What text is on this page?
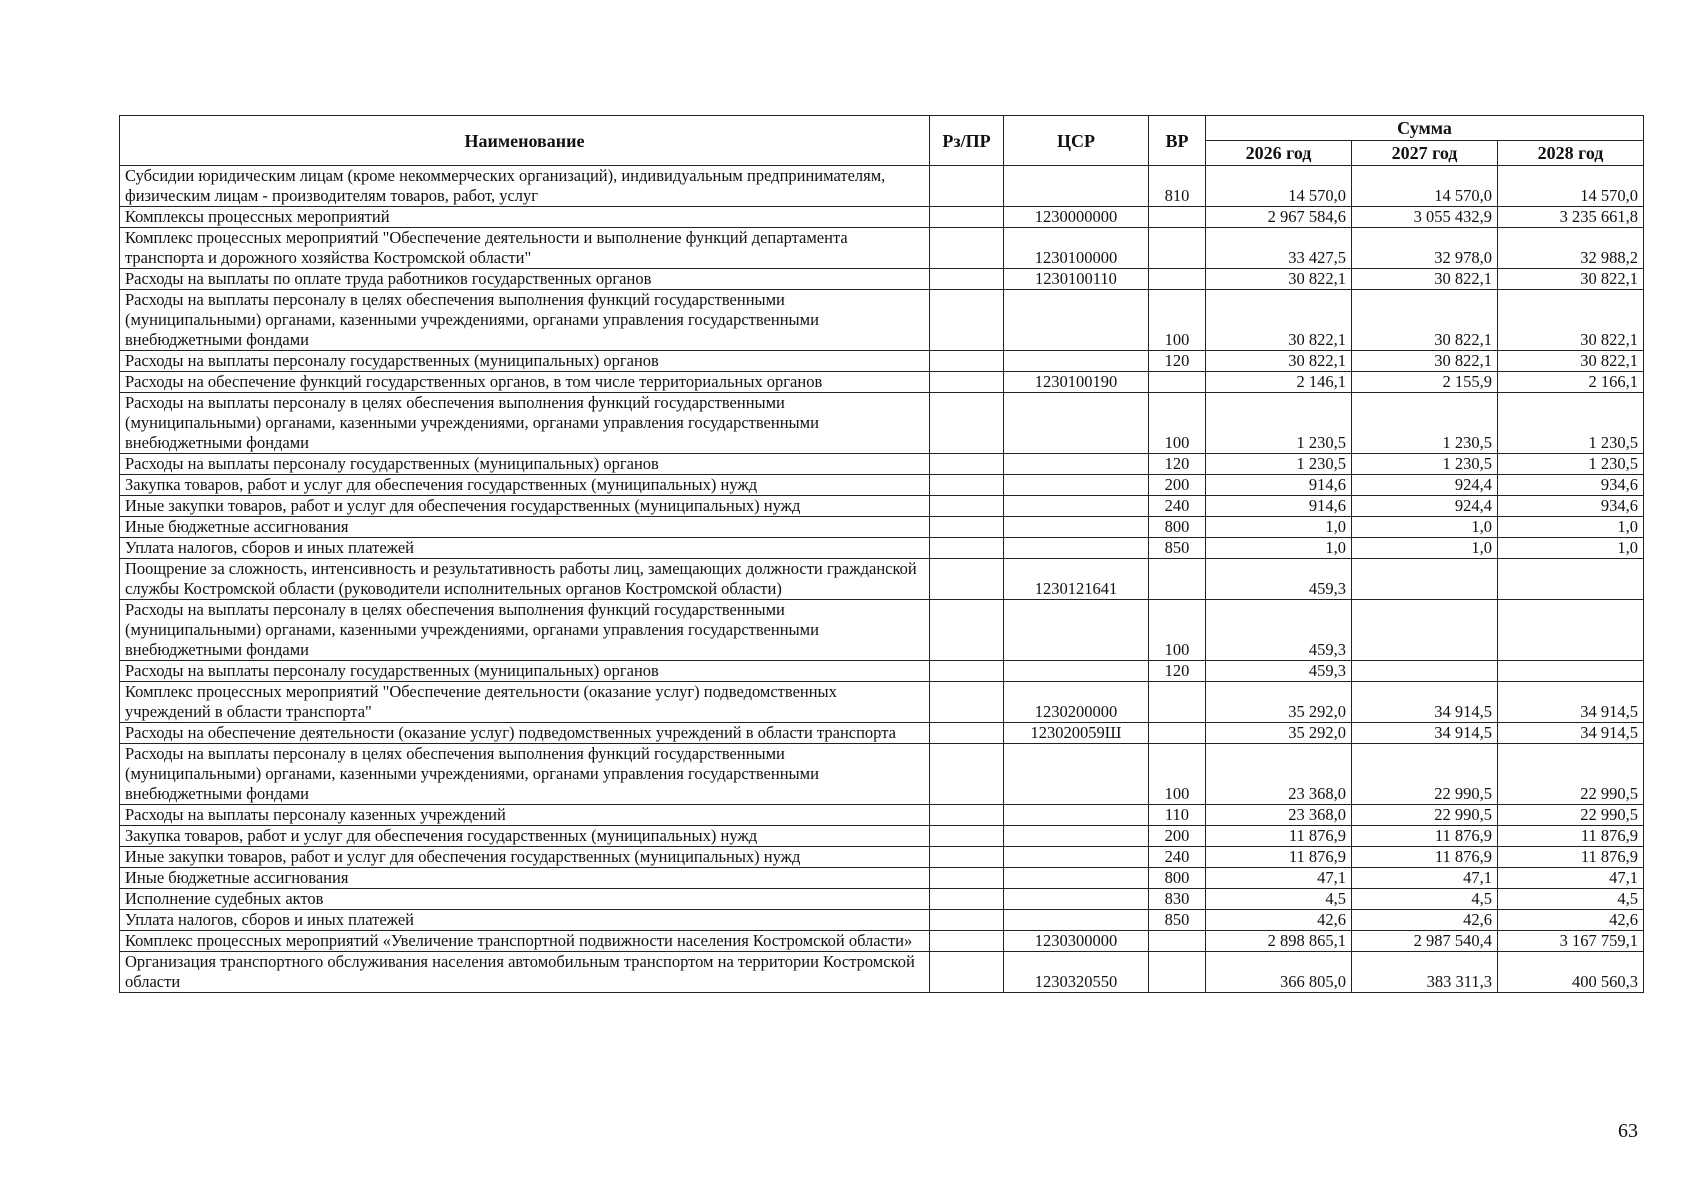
Наименование	Рз/ПР	ЦСР	ВР	Сумма		
				2026 год	2027 год	2028 год
Субсидии юридическим лицам (кроме некоммерческих организаций), индивидуальным предпринимателям, физическим лицам - производителям товаров, работ, услуг			810	14 570,0	14 570,0	14 570,0
Комплексы процессных мероприятий		1230000000		2 967 584,6	3 055 432,9	3 235 661,8
Комплекс процессных мероприятий "Обеспечение деятельности и выполнение функций департамента транспорта и дорожного хозяйства Костромской области"		1230100000		33 427,5	32 978,0	32 988,2
Расходы на выплаты по оплате труда работников государственных органов		1230100110		30 822,1	30 822,1	30 822,1
Расходы на выплаты персоналу в целях обеспечения выполнения функций государственными (муниципальными) органами, казенными учреждениями, органами управления государственными внебюджетными фондами			100	30 822,1	30 822,1	30 822,1
Расходы на выплаты персоналу государственных (муниципальных) органов			120	30 822,1	30 822,1	30 822,1
Расходы на обеспечение функций государственных органов, в том числе территориальных органов		1230100190		2 146,1	2 155,9	2 166,1
Расходы на выплаты персоналу в целях обеспечения выполнения функций государственными (муниципальными) органами, казенными учреждениями, органами управления государственными внебюджетными фондами			100	1 230,5	1 230,5	1 230,5
Расходы на выплаты персоналу государственных (муниципальных) органов			120	1 230,5	1 230,5	1 230,5
Закупка товаров, работ и услуг для обеспечения государственных (муниципальных) нужд			200	914,6	924,4	934,6
Иные закупки товаров, работ и услуг для обеспечения государственных (муниципальных) нужд			240	914,6	924,4	934,6
Иные бюджетные ассигнования			800	1,0	1,0	1,0
Уплата налогов, сборов и иных платежей			850	1,0	1,0	1,0
Поощрение за сложность, интенсивность и результативность работы лиц, замещающих должности гражданской службы Костромской области (руководители исполнительных органов Костромской области)		1230121641		459,3		
Расходы на выплаты персоналу в целях обеспечения выполнения функций государственными (муниципальными) органами, казенными учреждениями, органами управления государственными внебюджетными фондами			100	459,3		
Расходы на выплаты персоналу государственных (муниципальных) органов			120	459,3		
Комплекс процессных мероприятий "Обеспечение деятельности (оказание услуг) подведомственных учреждений в области транспорта"		1230200000		35 292,0	34 914,5	34 914,5
Расходы на обеспечение деятельности (оказание услуг) подведомственных учреждений в области транспорта		123020059Ш		35 292,0	34 914,5	34 914,5
Расходы на выплаты персоналу в целях обеспечения выполнения функций государственными (муниципальными) органами, казенными учреждениями, органами управления государственными внебюджетными фондами			100	23 368,0	22 990,5	22 990,5
Расходы на выплаты персоналу казенных учреждений			110	23 368,0	22 990,5	22 990,5
Закупка товаров, работ и услуг для обеспечения государственных (муниципальных) нужд			200	11 876,9	11 876,9	11 876,9
Иные закупки товаров, работ и услуг для обеспечения государственных (муниципальных) нужд			240	11 876,9	11 876,9	11 876,9
Иные бюджетные ассигнования			800	47,1	47,1	47,1
Исполнение судебных актов			830	4,5	4,5	4,5
Уплата налогов, сборов и иных платежей			850	42,6	42,6	42,6
Комплекс процессных мероприятий «Увеличение транспортной подвижности населения Костромской области»		1230300000		2 898 865,1	2 987 540,4	3 167 759,1
Организация транспортного обслуживания населения автомобильным транспортом на территории Костромской области		1230320550		366 805,0	383 311,3	400 560,3
63
